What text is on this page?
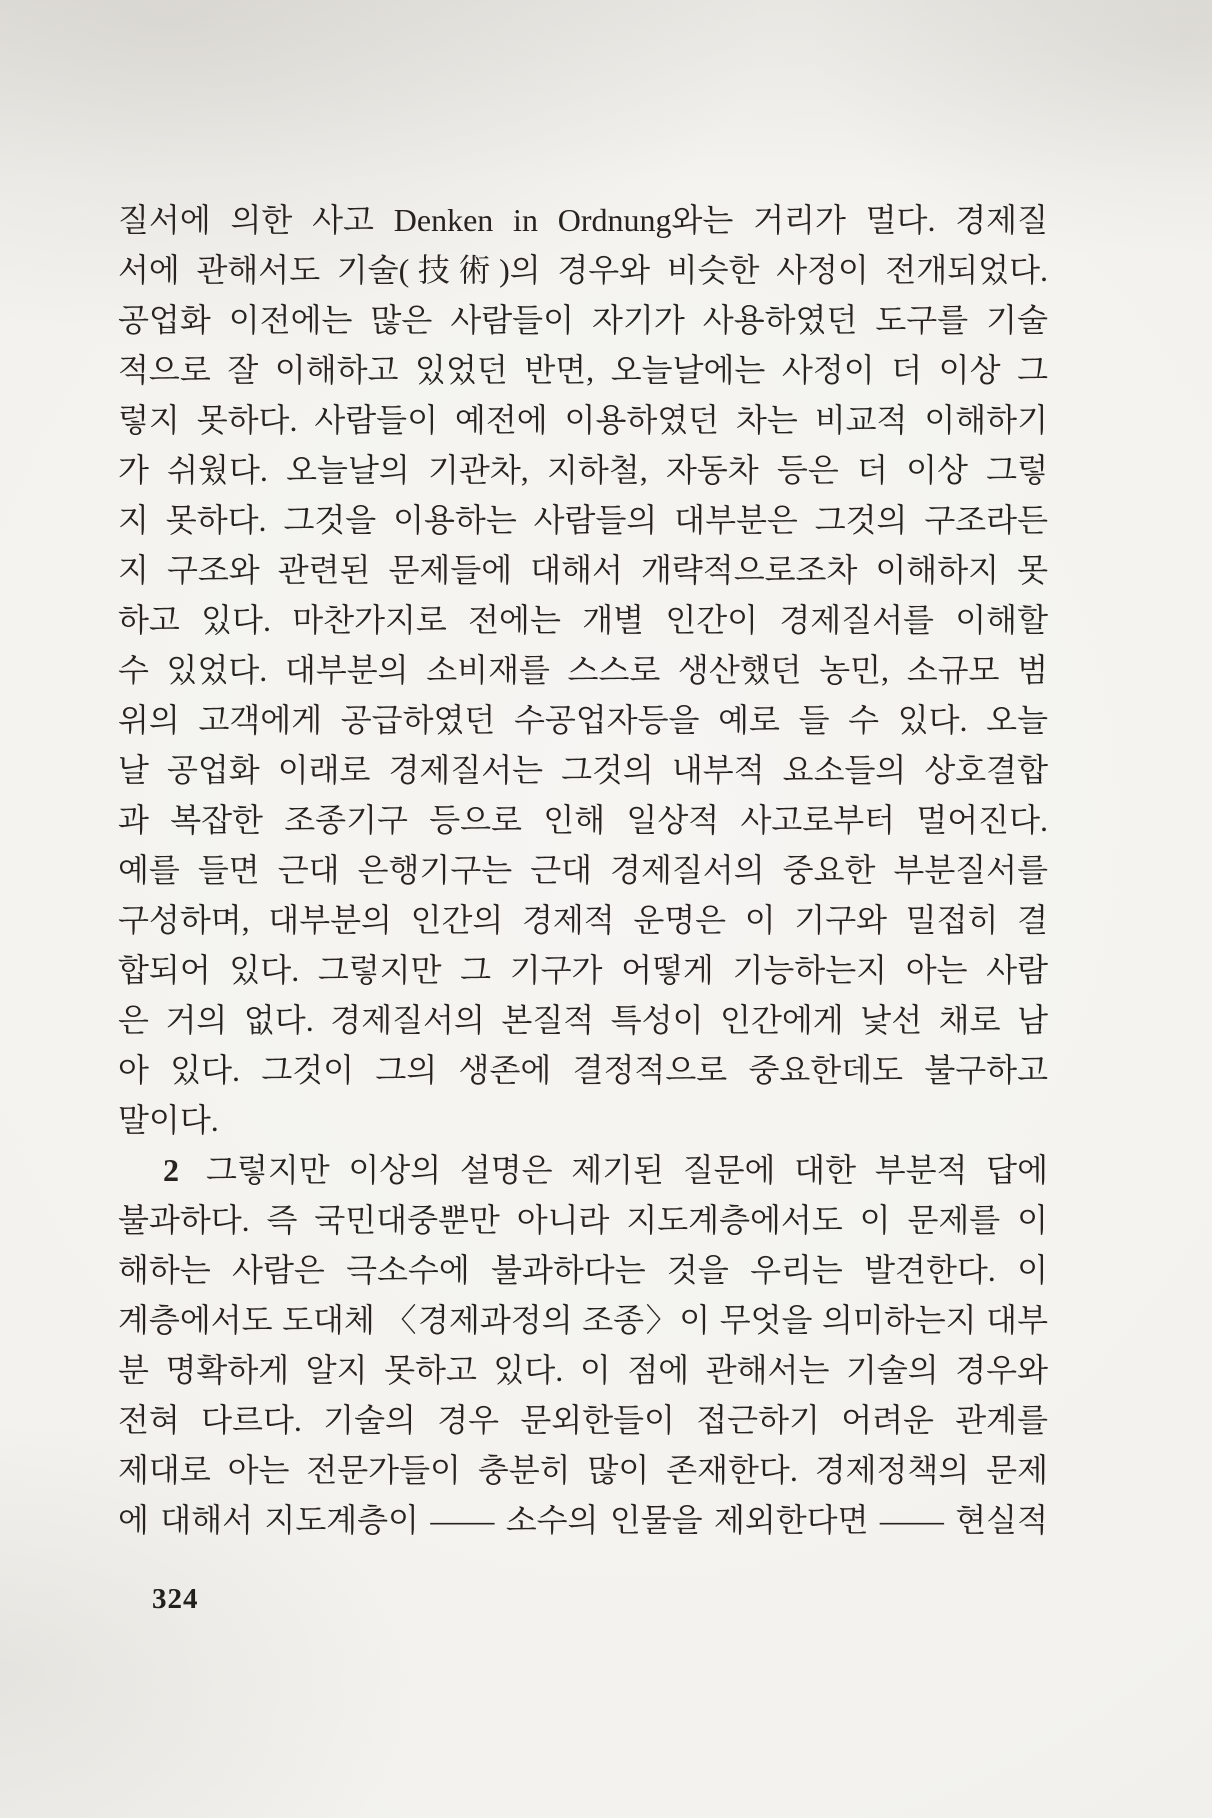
질서에 의한 사고 Denken in Ordnung와는 거리가 멀다. 경제질
서에 관해서도 기술(技術)의 경우와 비슷한 사정이 전개되었다.
공업화 이전에는 많은 사람들이 자기가 사용하였던 도구를 기술
적으로 잘 이해하고 있었던 반면, 오늘날에는 사정이 더 이상 그
렇지 못하다. 사람들이 예전에 이용하였던 차는 비교적 이해하기
가 쉬웠다. 오늘날의 기관차, 지하철, 자동차 등은 더 이상 그렇
지 못하다. 그것을 이용하는 사람들의 대부분은 그것의 구조라든
지 구조와 관련된 문제들에 대해서 개략적으로조차 이해하지 못
하고 있다. 마찬가지로 전에는 개별 인간이 경제질서를 이해할
수 있었다. 대부분의 소비재를 스스로 생산했던 농민, 소규모 범
위의 고객에게 공급하였던 수공업자등을 예로 들 수 있다. 오늘
날 공업화 이래로 경제질서는 그것의 내부적 요소들의 상호결합
과 복잡한 조종기구 등으로 인해 일상적 사고로부터 멀어진다.
예를 들면 근대 은행기구는 근대 경제질서의 중요한 부분질서를
구성하며, 대부분의 인간의 경제적 운명은 이 기구와 밀접히 결
합되어 있다. 그렇지만 그 기구가 어떻게 기능하는지 아는 사람
은 거의 없다. 경제질서의 본질적 특성이 인간에게 낯선 채로 남
아 있다. 그것이 그의 생존에 결정적으로 중요한데도 불구하고
말이다.
2 그렇지만 이상의 설명은 제기된 질문에 대한 부분적 답에
불과하다. 즉 국민대중뿐만 아니라 지도계층에서도 이 문제를 이
해하는 사람은 극소수에 불과하다는 것을 우리는 발견한다. 이
계층에서도 도대체 〈경제과정의 조종〉이 무엇을 의미하는지 대부
분 명확하게 알지 못하고 있다. 이 점에 관해서는 기술의 경우와
전혀 다르다. 기술의 경우 문외한들이 접근하기 어려운 관계를
제대로 아는 전문가들이 충분히 많이 존재한다. 경제정책의 문제
에 대해서 지도계층이 —— 소수의 인물을 제외한다면 —— 현실적
324
